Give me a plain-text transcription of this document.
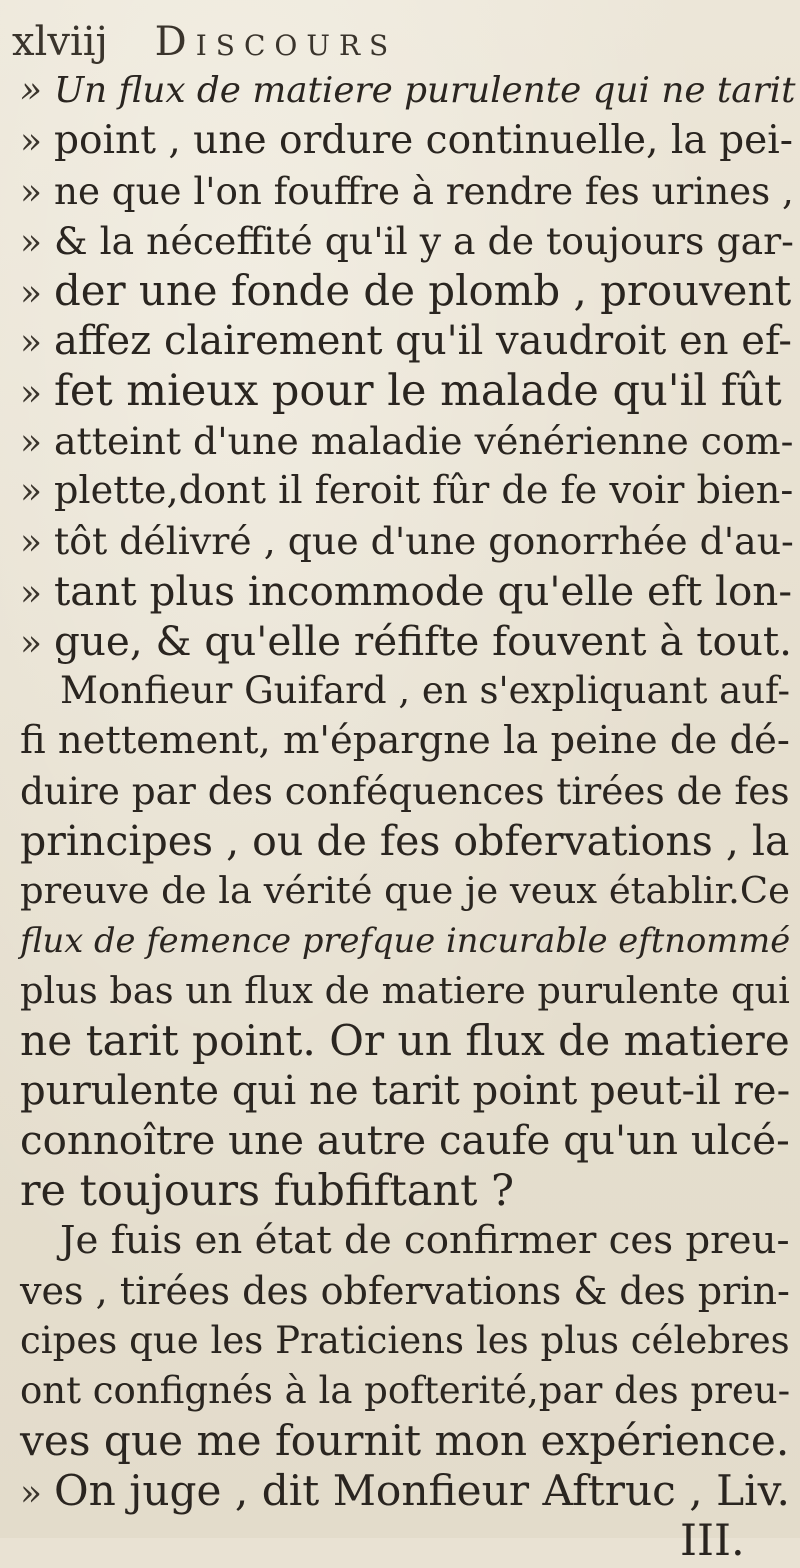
xlviij Discours
» Un flux de matiere purulente qui ne tarit
» point , une ordure continuelle, la pei-
» ne que l'on fouffre à rendre fes urines ,
» & la néceffité qu'il y a de toujours gar-
» der une fonde de plomb , prouvent
» affez clairement qu'il vaudroit en ef-
» fet mieux pour le malade qu'il fût
» atteint d'une maladie vénérienne com-
» plette,dont il feroit fûr de fe voir bien-
» tôt délivré , que d'une gonorrhée d'au-
» tant plus incommode qu'elle eft lon-
» gue, & qu'elle réfifte fouvent à tout.
Monfieur Guifard , en s'expliquant auf-
fi nettement, m'épargne la peine de dé-
duire par des conféquences tirées de fes
principes , ou de fes obfervations , la
preuve de la vérité que je veux établir.Ce
flux de femence prefque incurable eftnommé
plus bas un flux de matiere purulente qui
ne tarit point. Or un flux de matiere
purulente qui ne tarit point peut-il re-
connoître une autre caufe qu'un ulcé-
re toujours fubfiftant ?
Je fuis en état de confirmer ces preu-
ves , tirées des obfervations & des prin-
cipes que les Praticiens les plus célebres
ont confignés à la pofterité,par des preu-
ves que me fournit mon expérience.
» On juge , dit Monfieur Aftruc , Liv.
III.
